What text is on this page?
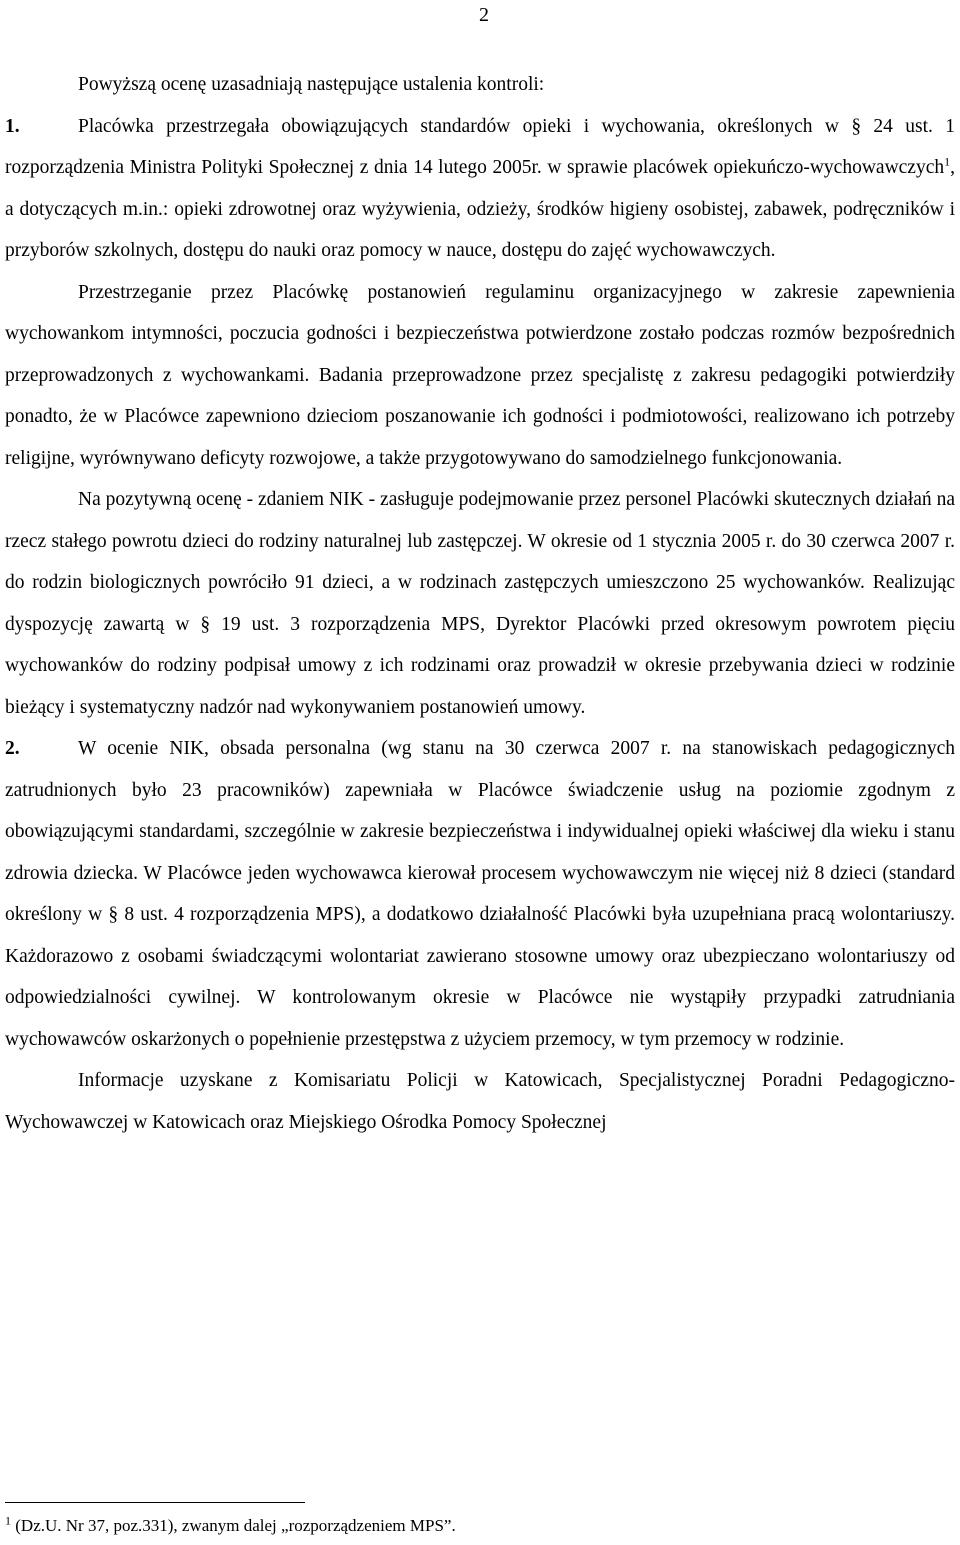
2

Powyższą ocenę uzasadniają następujące ustalenia kontroli:

1.	Placówka przestrzegała obowiązujących standardów opieki i wychowania, określonych w § 24 ust. 1 rozporządzenia Ministra Polityki Społecznej z dnia 14 lutego 2005r. w sprawie placówek opiekuńczo-wychowawczych$^1$, a dotyczących m.in.: opieki zdrowotnej oraz wyżywienia, odzieży, środków higieny osobistej, zabawek, podręczników i przyborów szkolnych, dostępu do nauki oraz pomocy w nauce, dostępu do zajęć wychowawczych.

Przestrzeganie przez Placówkę postanowień regulaminu organizacyjnego w zakresie zapewnienia wychowankom intymności, poczucia godności i bezpieczeństwa potwierdzone zostało podczas rozmów bezpośrednich przeprowadzonych z wychowankami. Badania przeprowadzone przez specjalistę z zakresu pedagogiki potwierdziły ponadto, że w Placówce zapewniono dzieciom poszanowanie ich godności i podmiotowości, realizowano ich potrzeby religijne, wyrównywano deficyty rozwojowe, a także przygotowywano do samodzielnego funkcjonowania.

Na pozytywną ocenę - zdaniem NIK - zasługuje podejmowanie przez personel Placówki skutecznych działań na rzecz stałego powrotu dzieci do rodziny naturalnej lub zastępczej. W okresie od 1 stycznia 2005 r. do 30 czerwca 2007 r. do rodzin biologicznych powróciło 91 dzieci, a w rodzinach zastępczych umieszczono 25 wychowanków. Realizując dyspozycję zawartą w § 19 ust. 3 rozporządzenia MPS, Dyrektor Placówki przed okresowym powrotem pięciu wychowanków do rodziny podpisał umowy z ich rodzinami oraz prowadził w okresie przebywania dzieci w rodzinie bieżący i systematyczny nadzór nad wykonywaniem postanowień umowy.

2.	W ocenie NIK, obsada personalna (wg stanu na 30 czerwca 2007 r. na stanowiskach pedagogicznych zatrudnionych było 23 pracowników) zapewniała w Placówce świadczenie usług na poziomie zgodnym z obowiązującymi standardami, szczególnie w zakresie bezpieczeństwa i indywidualnej opieki właściwej dla wieku i stanu zdrowia dziecka. W Placówce jeden wychowawca kierował procesem wychowawczym nie więcej niż 8 dzieci (standard określony w § 8 ust. 4 rozporządzenia MPS), a dodatkowo działalność Placówki była uzupełniana pracą wolontariuszy. Każdorazowo z osobami świadczącymi wolontariat zawierano stosowne umowy oraz ubezpieczano wolontariuszy od odpowiedzialności cywilnej. W kontrolowanym okresie w Placówce nie wystąpiły przypadki zatrudniania wychowawców oskarżonych o popełnienie przestępstwa z użyciem przemocy, w tym przemocy w rodzinie.

Informacje uzyskane z Komisariatu Policji w Katowicach, Specjalistycznej Poradni Pedagogiczno-Wychowawczej w Katowicach oraz Miejskiego Ośrodka Pomocy Społecznej

$^1$ (Dz.U. Nr 37, poz.331), zwanym dalej „rozporządzeniem MPS”.
